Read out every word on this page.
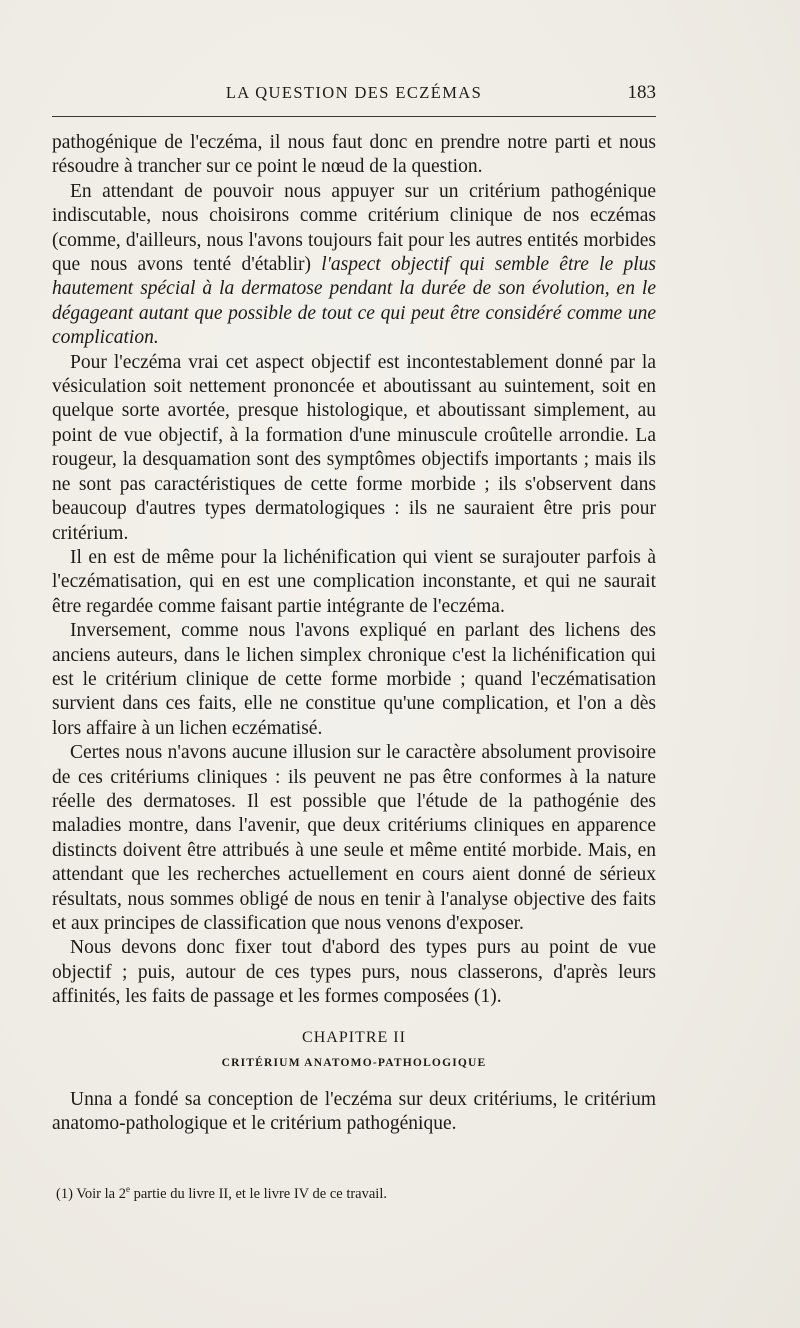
LA QUESTION DES ECZÉMAS	183

pathogénique de l'eczéma, il nous faut donc en prendre notre parti et nous résoudre à trancher sur ce point le nœud de la question.

En attendant de pouvoir nous appuyer sur un critérium pathogénique indiscutable, nous choisirons comme critérium clinique de nos eczémas (comme, d'ailleurs, nous l'avons toujours fait pour les autres entités morbides que nous avons tenté d'établir) l'aspect objectif qui semble être le plus hautement spécial à la dermatose pendant la durée de son évolution, en le dégageant autant que possible de tout ce qui peut être considéré comme une complication.

Pour l'eczéma vrai cet aspect objectif est incontestablement donné par la vésiculation soit nettement prononcée et aboutissant au suintement, soit en quelque sorte avortée, presque histologique, et aboutissant simplement, au point de vue objectif, à la formation d'une minuscule croûtelle arrondie. La rougeur, la desquamation sont des symptômes objectifs importants ; mais ils ne sont pas caractéristiques de cette forme morbide ; ils s'observent dans beaucoup d'autres types dermatologiques : ils ne sauraient être pris pour critérium.

Il en est de même pour la lichénification qui vient se surajouter parfois à l'eczématisation, qui en est une complication inconstante, et qui ne saurait être regardée comme faisant partie intégrante de l'eczéma.

Inversement, comme nous l'avons expliqué en parlant des lichens des anciens auteurs, dans le lichen simplex chronique c'est la lichénification qui est le critérium clinique de cette forme morbide ; quand l'eczématisation survient dans ces faits, elle ne constitue qu'une complication, et l'on a dès lors affaire à un lichen eczématisé.

Certes nous n'avons aucune illusion sur le caractère absolument provisoire de ces critériums cliniques : ils peuvent ne pas être conformes à la nature réelle des dermatoses. Il est possible que l'étude de la pathogénie des maladies montre, dans l'avenir, que deux critériums cliniques en apparence distincts doivent être attribués à une seule et même entité morbide. Mais, en attendant que les recherches actuellement en cours aient donné de sérieux résultats, nous sommes obligé de nous en tenir à l'analyse objective des faits et aux principes de classification que nous venons d'exposer.

Nous devons donc fixer tout d'abord des types purs au point de vue objectif ; puis, autour de ces types purs, nous classerons, d'après leurs affinités, les faits de passage et les formes composées (1).

CHAPITRE II
CRITÉRIUM ANATOMO-PATHOLOGIQUE

Unna a fondé sa conception de l'eczéma sur deux critériums, le critérium anatomo-pathologique et le critérium pathogénique.

(1) Voir la 2e partie du livre II, et le livre IV de ce travail.
